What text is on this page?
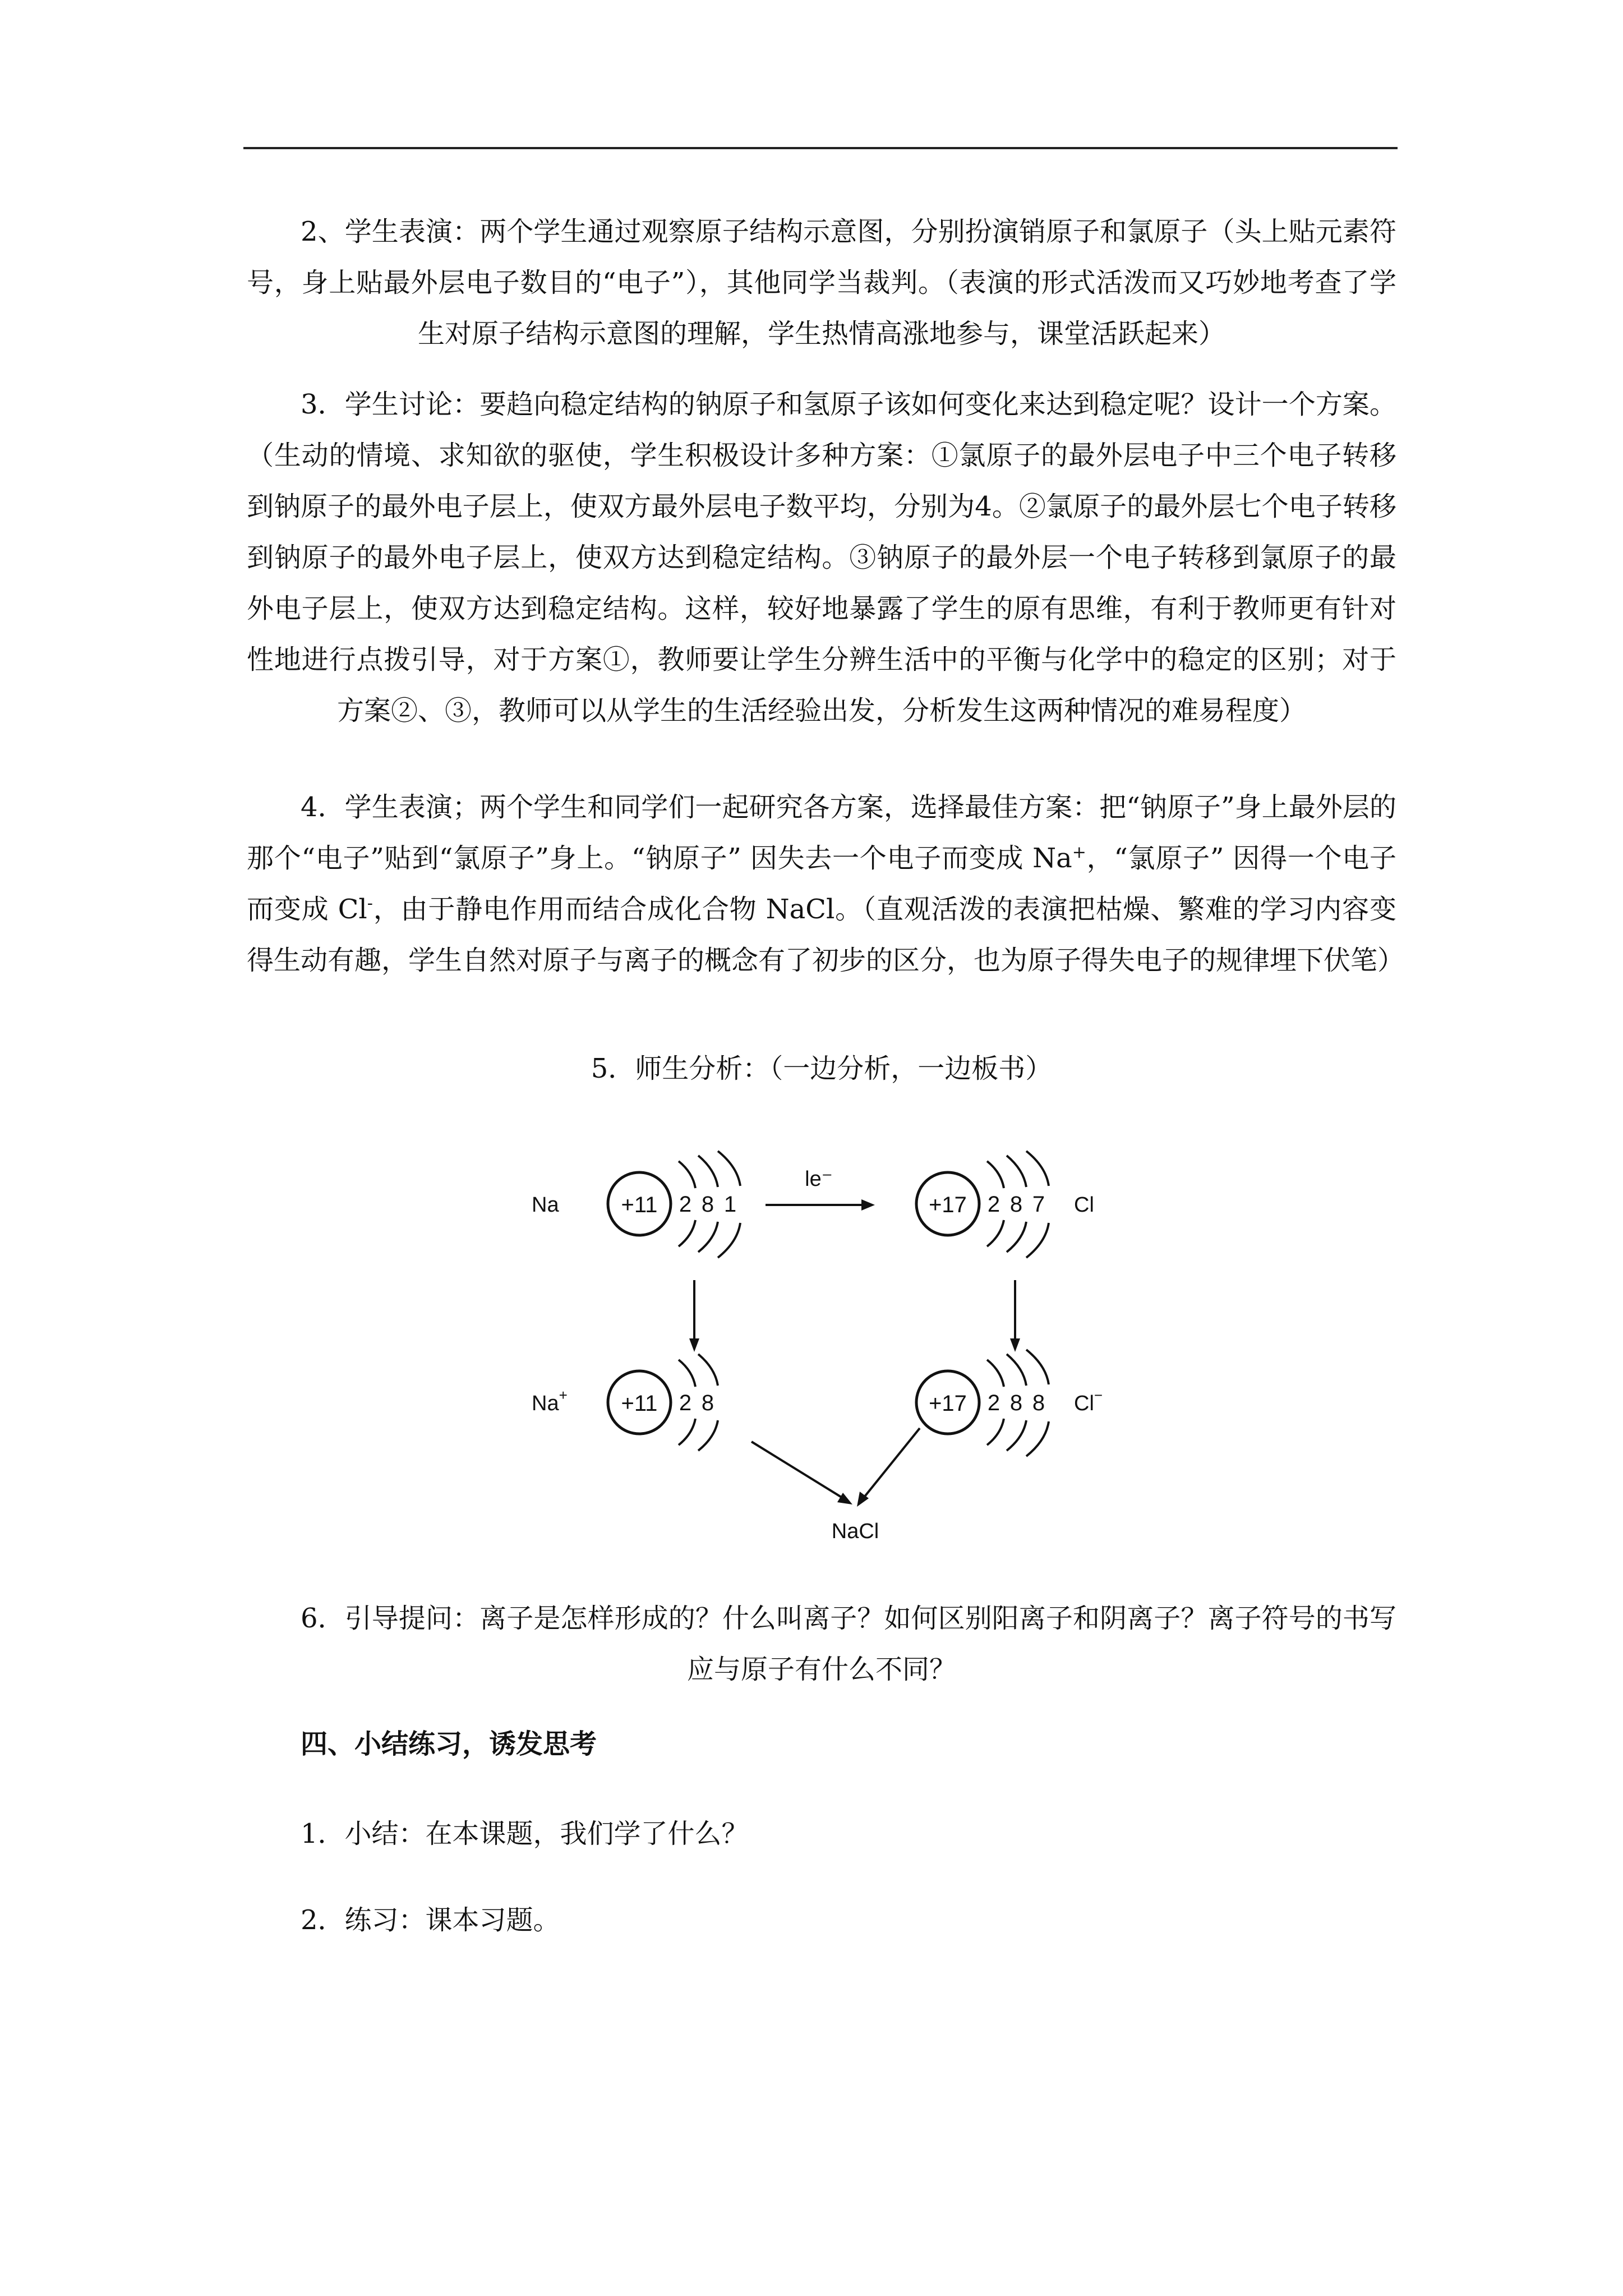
2、学生表演：两个学生通过观察原子结构示意图，分别扮演销原子和氯原子（头上贴元素符号，身上贴最外层电子数目的“电子”），其他同学当裁判。（表演的形式活泼而又巧妙地考查了学生对原子结构示意图的理解，学生热情高涨地参与，课堂活跃起来）

3．学生讨论：要趋向稳定结构的钠原子和氢原子该如何变化来达到稳定呢？设计一个方案。（生动的情境、求知欲的驱使，学生积极设计多种方案：①氯原子的最外层电子中三个电子转移到钠原子的最外电子层上，使双方最外层电子数平均，分别为4。②氯原子的最外层七个电子转移到钠原子的最外电子层上，使双方达到稳定结构。③钠原子的最外层一个电子转移到氯原子的最外电子层上，使双方达到稳定结构。这样，较好地暴露了学生的原有思维，有利于教师更有针对性地进行点拨引导，对于方案①，教师要让学生分辨生活中的平衡与化学中的稳定的区别；对于方案②、③，教师可以从学生的生活经验出发，分析发生这两种情况的难易程度）

4．学生表演；两个学生和同学们一起研究各方案，选择最佳方案：把“钠原子”身上最外层的那个“电子”贴到“氯原子”身上。“钠原子” 因失去一个电子而变成 Na+，“氯原子” 因得一个电子而变成 Cl-，由于静电作用而结合成化合物 NaCl。（直观活泼的表演把枯燥、繁难的学习内容变得生动有趣，学生自然对原子与离子的概念有了初步的区分，也为原子得失电子的规律埋下伏笔）

5．师生分析：（一边分析，一边板书）

Na	+11 2 8 1
le⁻
+17 2 8 7 Cl
Na+ +11 2 8	+17 2 8 8 Cl−
NaCl

6．引导提问：离子是怎样形成的？什么叫离子？如何区别阳离子和阴离子？离子符号的书写应与原子有什么不同？

四、小结练习，诱发思考

1．小结：在本课题，我们学了什么？

2．练习：课本习题。
